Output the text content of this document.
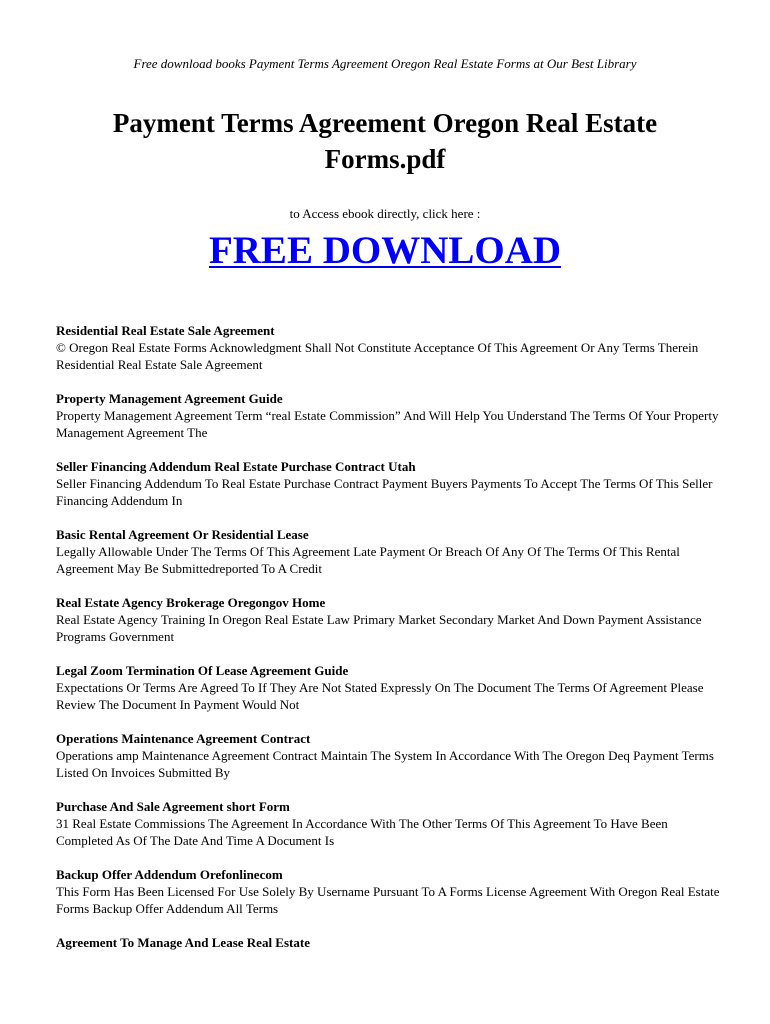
Free download books Payment Terms Agreement Oregon Real Estate Forms at Our Best Library
Payment Terms Agreement Oregon Real Estate Forms.pdf
to Access ebook directly, click here :
FREE DOWNLOAD
Residential Real Estate Sale Agreement
© Oregon Real Estate Forms Acknowledgment Shall Not Constitute Acceptance Of This Agreement Or Any Terms Therein Residential Real Estate Sale Agreement
Property Management Agreement Guide
Property Management Agreement Term “real Estate Commission” And Will Help You Understand The Terms Of Your Property Management Agreement The
Seller Financing Addendum Real Estate Purchase Contract Utah
Seller Financing Addendum To Real Estate Purchase Contract Payment Buyers Payments To Accept The Terms Of This Seller Financing Addendum In
Basic Rental Agreement Or Residential Lease
Legally Allowable Under The Terms Of This Agreement Late Payment Or Breach Of Any Of The Terms Of This Rental Agreement May Be Submittedreported To A Credit
Real Estate Agency Brokerage Oregongov Home
Real Estate Agency Training In Oregon Real Estate Law Primary Market Secondary Market And Down Payment Assistance Programs Government
Legal Zoom Termination Of Lease Agreement Guide
Expectations Or Terms Are Agreed To If They Are Not Stated Expressly On The Document The Terms Of Agreement Please Review The Document In Payment Would Not
Operations Maintenance Agreement Contract
Operations amp Maintenance Agreement Contract Maintain The System In Accordance With The Oregon Deq Payment Terms Listed On Invoices Submitted By
Purchase And Sale Agreement short Form
31 Real Estate Commissions The Agreement In Accordance With The Other Terms Of This Agreement To Have Been Completed As Of The Date And Time A Document Is
Backup Offer Addendum Orefonlinecom
This Form Has Been Licensed For Use Solely By Username Pursuant To A Forms License Agreement With Oregon Real Estate Forms Backup Offer Addendum All Terms
Agreement To Manage And Lease Real Estate
